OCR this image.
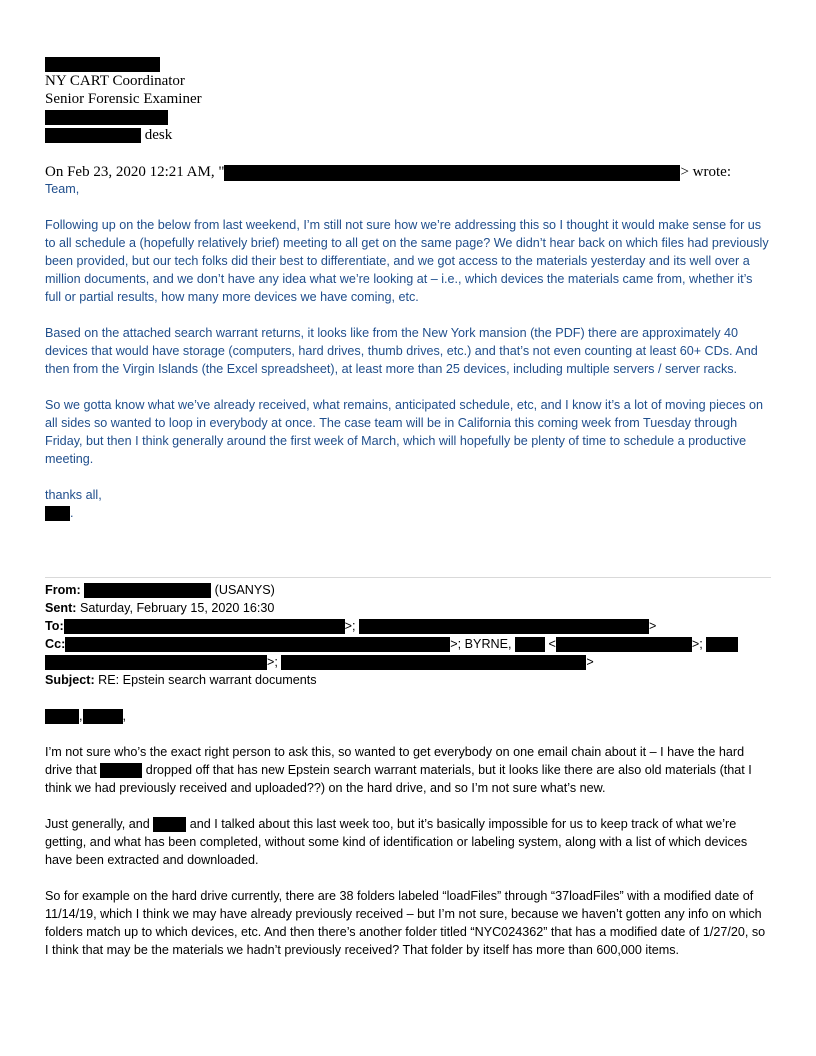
NY CART Coordinator
Senior Forensic Examiner
desk
On Feb 23, 2020 12:21 AM, "	> wrote:

Team,

Following up on the below from last weekend, I’m still not sure how we’re addressing this so I thought it would make sense for us to all schedule a (hopefully relatively brief) meeting to all get on the same page? We didn’t hear back on which files had previously been provided, but our tech folks did their best to differentiate, and we got access to the materials yesterday and its well over a million documents, and we don’t have any idea what we’re looking at – i.e., which devices the materials came from, whether it’s full or partial results, how many more devices we have coming, etc.

Based on the attached search warrant returns, it looks like from the New York mansion (the PDF) there are approximately 40 devices that would have storage (computers, hard drives, thumb drives, etc.) and that’s not even counting at least 60+ CDs. And then from the Virgin Islands (the Excel spreadsheet), at least more than 25 devices, including multiple servers / server racks.

So we gotta know what we’ve already received, what remains, anticipated schedule, etc, and I know it’s a lot of moving pieces on all sides so wanted to loop in everybody at once. The case team will be in California this coming week from Tuesday through Friday, but then I think generally around the first week of March, which will hopefully be plenty of time to schedule a productive meeting.

thanks all,

.

From:	(USANYS)
Sent: Saturday, February 15, 2020 16:30
To:	>;	>
Cc:	>; BYRNE,	<	>;
>;	>
Subject: RE: Epstein search warrant documents

,	,

I’m not sure who’s the exact right person to ask this, so wanted to get everybody on one email chain about it – I have the hard drive that	dropped off that has new Epstein search warrant materials, but it looks like there are also old materials (that I think we had previously received and uploaded??) on the hard drive, and so I’m not sure what’s new.

Just generally, and	and I talked about this last week too, but it’s basically impossible for us to keep track of what we’re getting, and what has been completed, without some kind of identification or labeling system, along with a list of which devices have been extracted and downloaded.

So for example on the hard drive currently, there are 38 folders labeled “loadFiles” through “37loadFiles” with a modified date of 11/14/19, which I think we may have already previously received – but I’m not sure, because we haven’t gotten any info on which folders match up to which devices, etc. And then there’s another folder titled “NYC024362” that has a modified date of 1/27/20, so I think that may be the materials we hadn’t previously received? That folder by itself has more than 600,000 items.
